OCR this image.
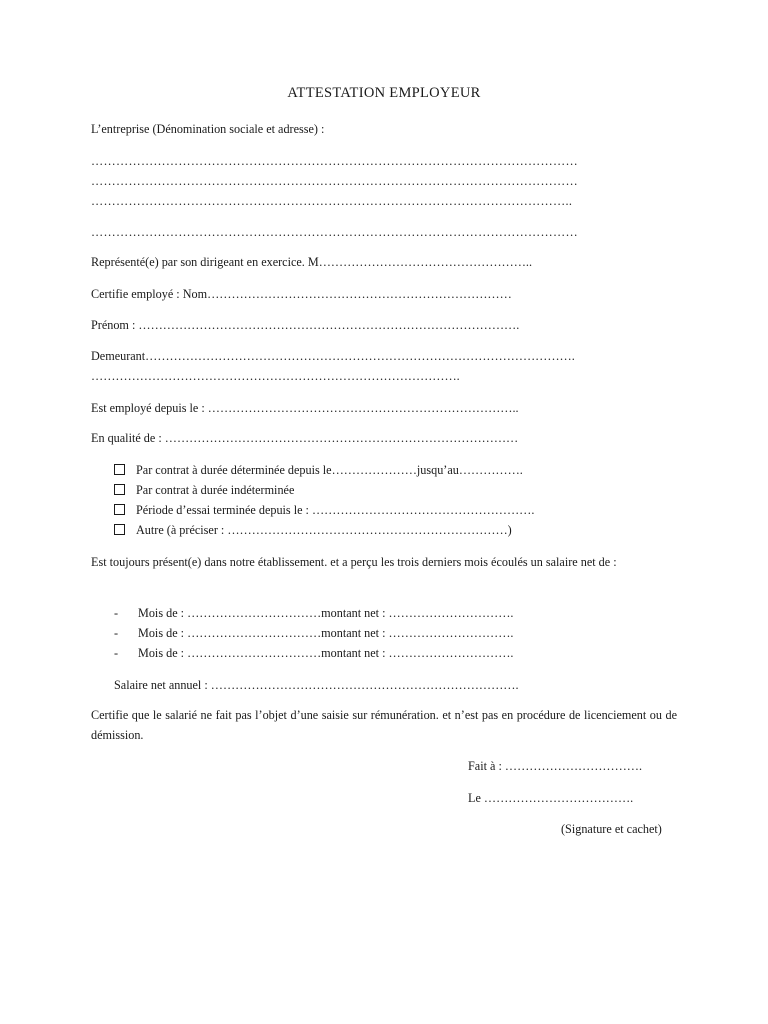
ATTESTATION EMPLOYEUR
L’entreprise (Dénomination sociale et adresse) :
………………………………………………………………………………………………………
………………………………………………………………………………………………………
……………………………………………………………………………………………………..
………………………………………………………………………………………………………
Représenté(e) par son dirigeant en exercice. M……………………………………………..
Certifie employé : Nom…………………………………………………………………
Prénom : ………………………………………………………………………………….
Demeurant…………………………………………………………………………………………….
……………………………………………………………………………….
Est employé depuis le : …………………………………………………………………..
En qualité de : ……………………………………………………………………………
Par contrat à durée déterminée depuis le…………………jusqu’au…………….
Par contrat à durée indéterminée
Période d’essai terminée depuis le : ……………………………………………….
Autre (à préciser : ……………………………………………………………)
Est toujours présent(e) dans notre établissement. et a perçu les trois derniers mois écoulés un salaire net de :
- Mois de : ……………………………montant net : ………………………….
- Mois de : ……………………………montant net : ………………………….
- Mois de : ……………………………montant net : ………………………….
Salaire net annuel : ………………………………………………………………….
Certifie que le salarié ne fait pas l’objet d’une saisie sur rémunération. et n’est pas en procédure de licenciement ou de démission.
Fait à : …………………………….
Le ……………………………….
(Signature et cachet)
